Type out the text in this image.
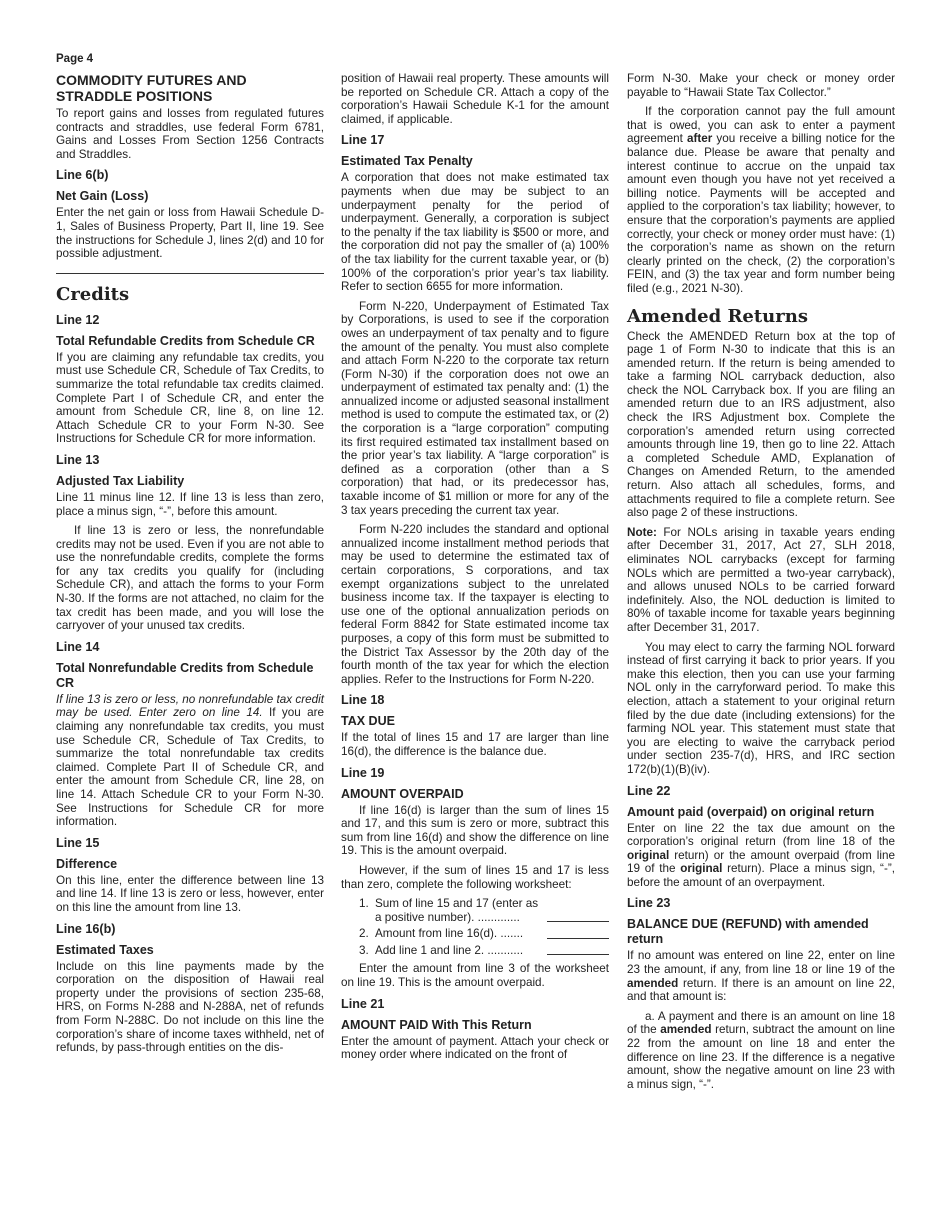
Page 4
COMMODITY FUTURES AND STRADDLE POSITIONS

To report gains and losses from regulated futures contracts and straddles, use federal Form 6781, Gains and Losses From Section 1256 Contracts and Straddles.

Line 6(b)
Net Gain (Loss)

Enter the net gain or loss from Hawaii Schedule D-1, Sales of Business Property, Part II, line 19. See the instructions for Schedule J, lines 2(d) and 10 for possible adjustment.

Credits
Line 12
Total Refundable Credits from Schedule CR

If you are claiming any refundable tax credits, you must use Schedule CR, Schedule of Tax Credits, to summarize the total refundable tax credits claimed. Complete Part I of Schedule CR, and enter the amount from Schedule CR, line 8, on line 12. Attach Schedule CR to your Form N-30. See Instructions for Schedule CR for more information.

Line 13
Adjusted Tax Liability

Line 11 minus line 12. If line 13 is less than zero, place a minus sign, “-”, before this amount.

If line 13 is zero or less, the nonrefundable credits may not be used. Even if you are not able to use the nonrefundable credits, complete the forms for any tax credits you qualify for (including Schedule CR), and attach the forms to your Form N-30. If the forms are not attached, no claim for the tax credit has been made, and you will lose the carryover of your unused tax credits.

Line 14
Total Nonrefundable Credits from Schedule CR

If line 13 is zero or less, no nonrefundable tax credit may be used. Enter zero on line 14. If you are claiming any nonrefundable tax credits, you must use Schedule CR, Schedule of Tax Credits, to summarize the total nonrefundable tax credits claimed. Complete Part II of Schedule CR, and enter the amount from Schedule CR, line 28, on line 14. Attach Schedule CR to your Form N-30. See Instructions for Schedule CR for more information.

Line 15
Difference

On this line, enter the difference between line 13 and line 14. If line 13 is zero or less, however, enter on this line the amount from line 13.

Line 16(b)
Estimated Taxes

Include on this line payments made by the corporation on the disposition of Hawaii real property under the provisions of section 235-68, HRS, on Forms N-288 and N-288A, net of refunds from Form N-288C. Do not include on this line the corporation’s share of income taxes withheld, net of refunds, by pass-through entities on the dis-

position of Hawaii real property. These amounts will be reported on Schedule CR. Attach a copy of the corporation’s Hawaii Schedule K-1 for the amount claimed, if applicable.

Line 17
Estimated Tax Penalty

A corporation that does not make estimated tax payments when due may be subject to an underpayment penalty for the period of underpayment. Generally, a corporation is subject to the penalty if the tax liability is $500 or more, and the corporation did not pay the smaller of (a) 100% of the tax liability for the current taxable year, or (b) 100% of the corporation’s prior year’s tax liability. Refer to section 6655 for more information.

Form N-220, Underpayment of Estimated Tax by Corporations, is used to see if the corporation owes an underpayment of tax penalty and to figure the amount of the penalty. You must also complete and attach Form N-220 to the corporate tax return (Form N-30) if the corporation does not owe an underpayment of estimated tax penalty and: (1) the annualized income or adjusted seasonal installment method is used to compute the estimated tax, or (2) the corporation is a “large corporation” computing its first required estimated tax installment based on the prior year’s tax liability. A “large corporation” is defined as a corporation (other than a S corporation) that had, or its predecessor has, taxable income of $1 million or more for any of the 3 tax years preceding the current tax year.

Form N-220 includes the standard and optional annualized income installment method periods that may be used to determine the estimated tax of certain corporations, S corporations, and tax exempt organizations subject to the unrelated business income tax. If the taxpayer is electing to use one of the optional annualization periods on federal Form 8842 for State estimated income tax purposes, a copy of this form must be submitted to the District Tax Assessor by the 20th day of the fourth month of the tax year for which the election applies. Refer to the Instructions for Form N-220.

Line 18
TAX DUE

If the total of lines 15 and 17 are larger than line 16(d), the difference is the balance due.

Line 19
AMOUNT OVERPAID

If line 16(d) is larger than the sum of lines 15 and 17, and this sum is zero or more, subtract this sum from line 16(d) and show the difference on line 19. This is the amount overpaid.

However, if the sum of lines 15 and 17 is less than zero, complete the following worksheet:

1. Sum of line 15 and 17 (enter as a positive number). .............
2. Amount from line 16(d). .......
3. Add line 1 and line 2. ...........

Enter the amount from line 3 of the worksheet on line 19. This is the amount overpaid.

Line 21
AMOUNT PAID With This Return

Enter the amount of payment. Attach your check or money order where indicated on the front of

Form N-30. Make your check or money order payable to “Hawaii State Tax Collector.”

If the corporation cannot pay the full amount that is owed, you can ask to enter a payment agreement after you receive a billing notice for the balance due. Please be aware that penalty and interest continue to accrue on the unpaid tax amount even though you have not yet received a billing notice. Payments will be accepted and applied to the corporation’s tax liability; however, to ensure that the corporation’s payments are applied correctly, your check or money order must have: (1) the corporation’s name as shown on the return clearly printed on the check, (2) the corporation’s FEIN, and (3) the tax year and form number being filed (e.g., 2021 N-30).

Amended Returns

Check the AMENDED Return box at the top of page 1 of Form N-30 to indicate that this is an amended return. If the return is being amended to take a farming NOL carryback deduction, also check the NOL Carryback box. If you are filing an amended return due to an IRS adjustment, also check the IRS Adjustment box. Complete the corporation’s amended return using corrected amounts through line 19, then go to line 22. Attach a completed Schedule AMD, Explanation of Changes on Amended Return, to the amended return. Also attach all schedules, forms, and attachments required to file a complete return. See also page 2 of these instructions.

Note: For NOLs arising in taxable years ending after December 31, 2017, Act 27, SLH 2018, eliminates NOL carrybacks (except for farming NOLs which are permitted a two-year carryback), and allows unused NOLs to be carried forward indefinitely. Also, the NOL deduction is limited to 80% of taxable income for taxable years beginning after December 31, 2017.

You may elect to carry the farming NOL forward instead of first carrying it back to prior years. If you make this election, then you can use your farming NOL only in the carryforward period. To make this election, attach a statement to your original return filed by the due date (including extensions) for the farming NOL year. This statement must state that you are electing to waive the carryback period under section 235-7(d), HRS, and IRC section 172(b)(1)(B)(iv).

Line 22
Amount paid (overpaid) on original return

Enter on line 22 the tax due amount on the corporation’s original return (from line 18 of the original return) or the amount overpaid (from line 19 of the original return). Place a minus sign, “-”, before the amount of an overpayment.

Line 23
BALANCE DUE (REFUND) with amended return

If no amount was entered on line 22, enter on line 23 the amount, if any, from line 18 or line 19 of the amended return. If there is an amount on line 22, and that amount is:

a. A payment and there is an amount on line 18 of the amended return, subtract the amount on line 22 from the amount on line 18 and enter the difference on line 23. If the difference is a negative amount, show the negative amount on line 23 with a minus sign, “-”.
